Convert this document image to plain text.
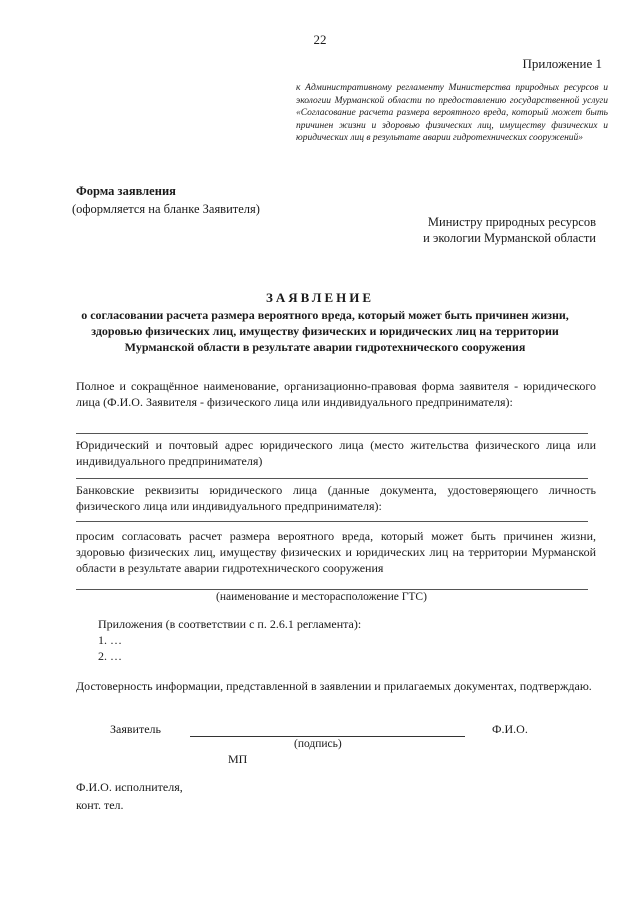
22
Приложение 1
к Административному регламенту Министерства природных ресурсов и экологии Мурманской области по предоставлению государственной услуги «Согласование расчета размера вероятного вреда, который может быть причинен жизни и здоровью физических лиц, имуществу физических и юридических лиц в результате аварии гидротехнических сооружений»
Форма заявления
(оформляется на бланке Заявителя)
Министру природных ресурсов
и экологии Мурманской области
ЗАЯВЛЕНИЕ
о согласовании расчета размера вероятного вреда, который может быть причинен жизни, здоровью физических лиц, имуществу физических и юридических лиц на территории Мурманской области в результате аварии гидротехнического сооружения
Полное и сокращённое наименование, организационно-правовая форма заявителя - юридического лица (Ф.И.О. Заявителя - физического лица или индивидуального предпринимателя):
Юридический и почтовый адрес юридического лица (место жительства физического лица или индивидуального предпринимателя)
Банковские реквизиты юридического лица (данные документа, удостоверяющего личность физического лица или индивидуального предпринимателя):
просим согласовать расчет размера вероятного вреда, который может быть причинен жизни, здоровью физических лиц, имуществу физических и юридических лиц на территории Мурманской области в результате аварии гидротехнического сооружения
(наименование и месторасположение ГТС)
Приложения (в соответствии с п. 2.6.1 регламента):
1. …
2. …
Достоверность информации, представленной в заявлении и прилагаемых документах, подтверждаю.
Заявитель	Ф.И.О.
(подпись)
МП
Ф.И.О. исполнителя,
конт. тел.
